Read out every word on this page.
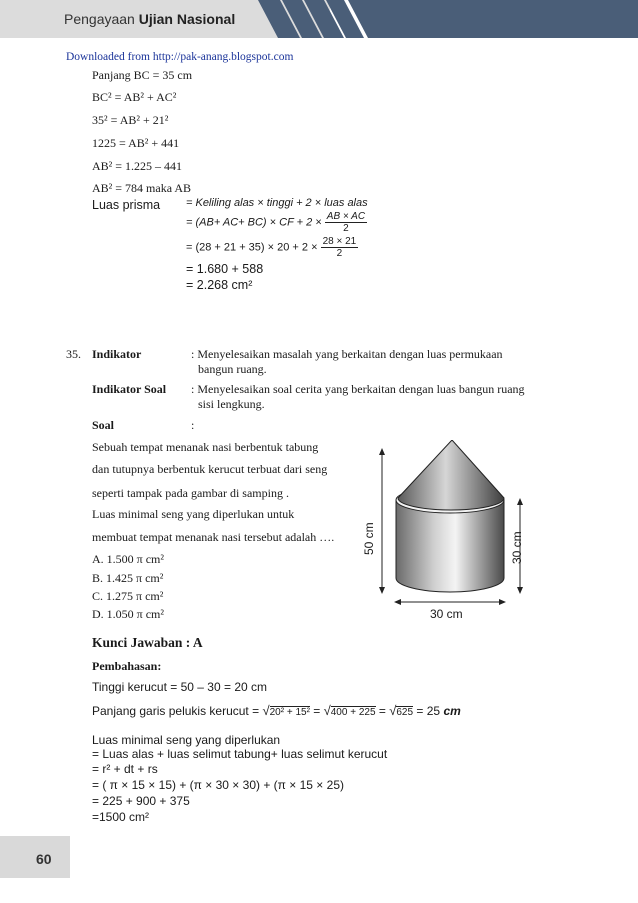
Pengayaan Ujian Nasional
Downloaded from http://pak-anang.blogspot.com
Panjang BC = 35 cm
BC² = AB² + AC²
35² = AB² + 21²
1225 = AB² + 441
AB² = 1.225 – 441
AB² = 784 maka AB
Luas prisma = Keliling alas × tinggi + 2 × luas alas
= (AB+ AC+ BC) × CF + $2 \times \frac{AB \times AC}{2}$
= $(28 + 21 + 35) \times 20 + 2 \times \frac{28 \times 21}{2}$
= 1.680 + 588
= 2.268 cm²
35. Indikator	: Menyelesaikan masalah yang berkaitan dengan luas permukaan
bangun ruang.
Indikator Soal : Menyelesaikan soal cerita yang berkaitan dengan luas bangun ruang
sisi lengkung.
Soal	:
Sebuah tempat menanak nasi berbentuk tabung
dan tutupnya berbentuk kerucut terbuat dari seng
seperti tampak pada gambar di samping .
Luas minimal seng yang diperlukan untuk
membuat tempat menanak nasi tersebut adalah ….
A. 1.500 π cm²
B. 1.425 π cm²
C. 1.275 π cm²
D. 1.050 π cm²
50 cm	30 cm
30 cm
Kunci Jawaban : A
Pembahasan:
Tinggi kerucut = 50 – 30 = 20 cm
Panjang garis pelukis kerucut = √20² + 15² = √400 + 225 = √625 = 25 cm
Luas minimal seng yang diperlukan
= Luas alas + luas selimut tabung+ luas selimut kerucut
= r² + dt + rs
= ( π × 15 × 15) + (π × 30 × 30) + (π × 15 × 25)
= 225 + 900 + 375
=1500 cm²
60
